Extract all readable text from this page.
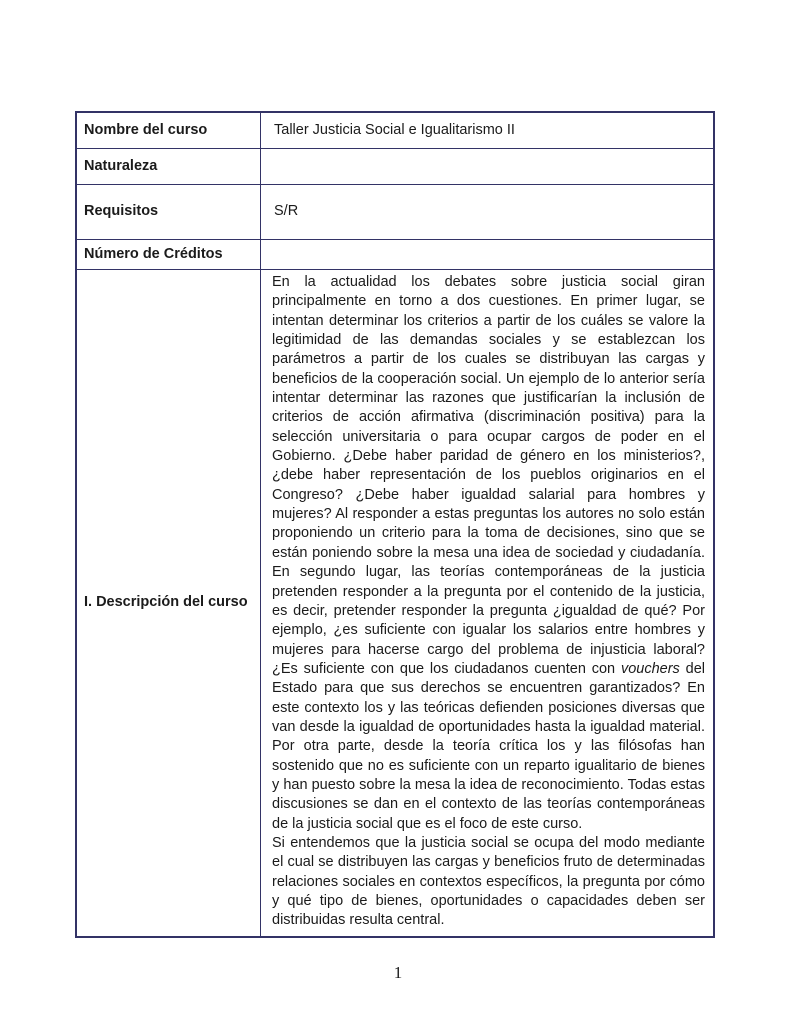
Nombre del curso	Taller Justicia Social e Igualitarismo II
Naturaleza
Requisitos	S/R
Número de Créditos
I. Descripción del curso

En la actualidad los debates sobre justicia social giran principalmente en torno a dos cuestiones. En primer lugar, se intentan determinar los criterios a partir de los cuáles se valore la legitimidad de las demandas sociales y se establezcan los parámetros a partir de los cuales se distribuyan las cargas y beneficios de la cooperación social. Un ejemplo de lo anterior sería intentar determinar las razones que justificarían la inclusión de criterios de acción afirmativa (discriminación positiva) para la selección universitaria o para ocupar cargos de poder en el Gobierno. ¿Debe haber paridad de género en los ministerios?, ¿debe haber representación de los pueblos originarios en el Congreso? ¿Debe haber igualdad salarial para hombres y mujeres? Al responder a estas preguntas los autores no solo están proponiendo un criterio para la toma de decisiones, sino que se están poniendo sobre la mesa una idea de sociedad y ciudadanía. En segundo lugar, las teorías contemporáneas de la justicia pretenden responder a la pregunta por el contenido de la justicia, es decir, pretender responder la pregunta ¿igualdad de qué? Por ejemplo, ¿es suficiente con igualar los salarios entre hombres y mujeres para hacerse cargo del problema de injusticia laboral? ¿Es suficiente con que los ciudadanos cuenten con vouchers del Estado para que sus derechos se encuentren garantizados? En este contexto los y las teóricas defienden posiciones diversas que van desde la igualdad de oportunidades hasta la igualdad material. Por otra parte, desde la teoría crítica los y las filósofas han sostenido que no es suficiente con un reparto igualitario de bienes y han puesto sobre la mesa la idea de reconocimiento. Todas estas discusiones se dan en el contexto de las teorías contemporáneas de la justicia social que es el foco de este curso.

Si entendemos que la justicia social se ocupa del modo mediante el cual se distribuyen las cargas y beneficios fruto de determinadas relaciones sociales en contextos específicos, la pregunta por cómo y qué tipo de bienes, oportunidades o capacidades deben ser distribuidas resulta central.

1
